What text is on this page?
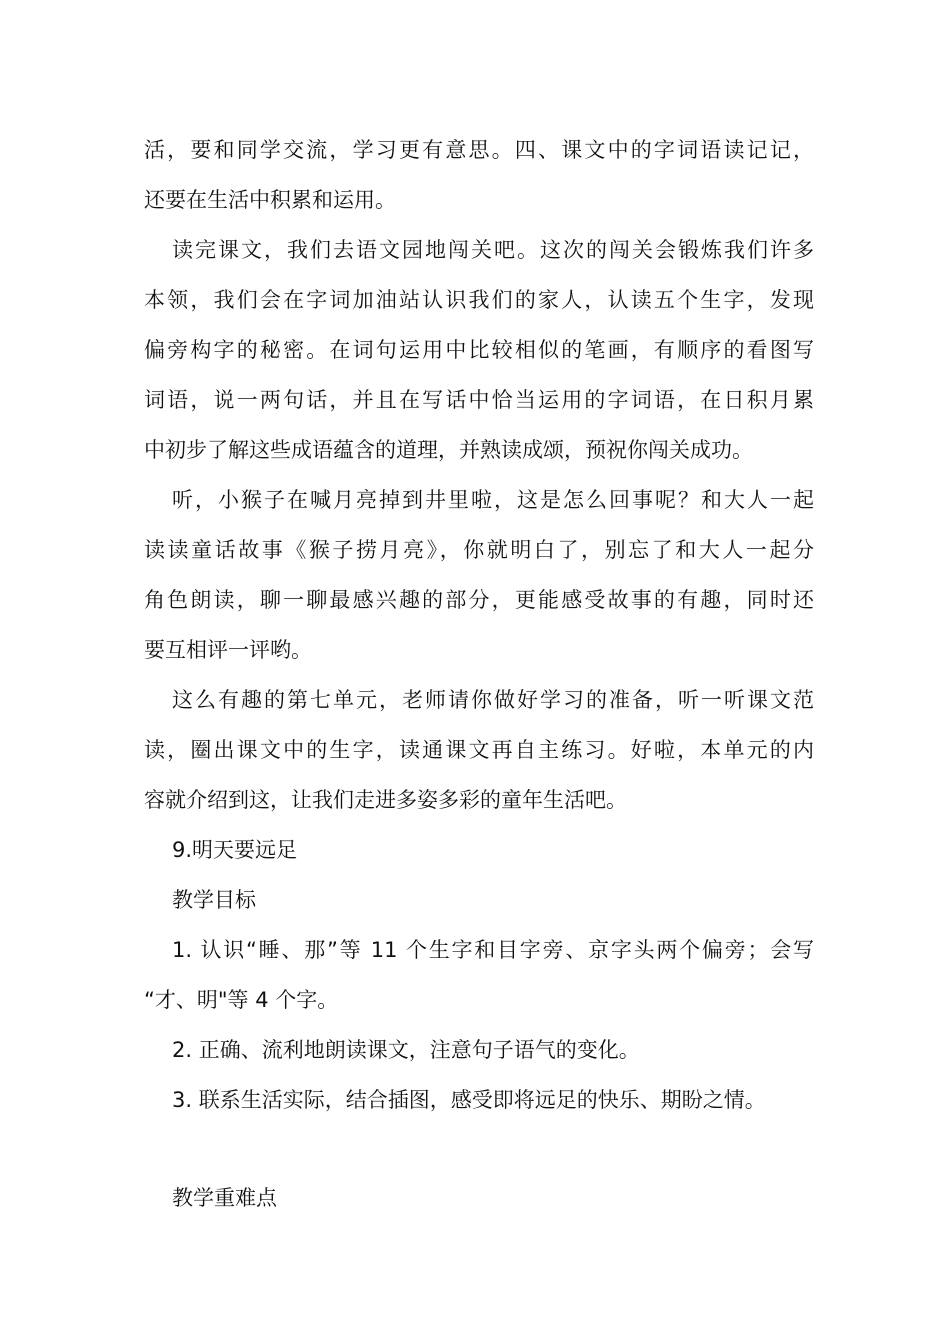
活，要和同学交流，学习更有意思。四、课文中的字词语读记记，
还要在生活中积累和运用。
读完课文，我们去语文园地闯关吧。这次的闯关会锻炼我们许多
本领，我们会在字词加油站认识我们的家人，认读五个生字，发现
偏旁构字的秘密。在词句运用中比较相似的笔画，有顺序的看图写
词语，说一两句话，并且在写话中恰当运用的字词语，在日积月累
中初步了解这些成语蕴含的道理，并熟读成颂，预祝你闯关成功。
听，小猴子在喊月亮掉到井里啦，这是怎么回事呢？和大人一起
读读童话故事《猴子捞月亮》，你就明白了，别忘了和大人一起分
角色朗读，聊一聊最感兴趣的部分，更能感受故事的有趣，同时还
要互相评一评哟。
这么有趣的第七单元，老师请你做好学习的准备，听一听课文范
读，圈出课文中的生字，读通课文再自主练习。好啦，本单元的内
容就介绍到这，让我们走进多姿多彩的童年生活吧。
9.明天要远足
教学目标
1. 认识“睡、那”等 11 个生字和目字旁、京字头两个偏旁；会写
“才、明"等 4 个字。
2. 正确、流利地朗读课文，注意句子语气的变化。
3. 联系生活实际，结合插图，感受即将远足的快乐、期盼之情。
教学重难点
